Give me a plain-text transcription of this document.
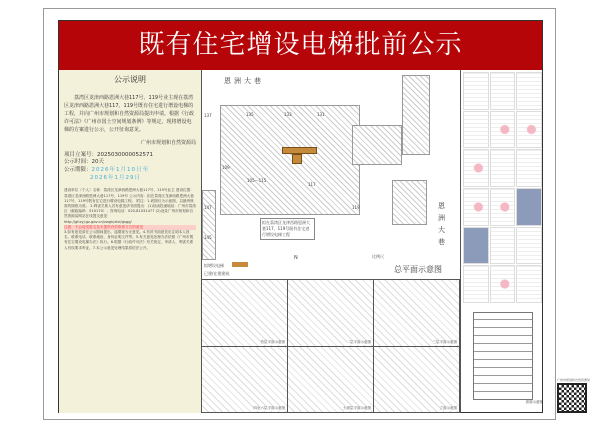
既有住宅增设电梯批前公示
公示说明

荔湾区龙津西路恩洲大巷117号、119号业主现在荔湾区龙津西路恩洲大巷117、119号既有住宅进行增设电梯的工程，并向广州市规划和自然资源局提出申请。根据《行政许可法》《广州市国土空间规划条例》等规定，现将增设电梯的方案进行公示，公开征询意见。

广州市规划和自然资源局

项目立案号：2025030000052571
公示时间：20天
公示期限：2026年1月10日至
2026年1月29日

建设单位（个人）名称：荔湾区龙津西路恩洲大巷117号、119号业主 建设位置：荔湾区龙津西路恩洲大巷117号、119号 公示内容：拟在荔湾区龙津西路恩洲大巷117号、119号既有住宅进行增设电梯工程。 附注：1.底图仅为示意图，以最终核准的图纸为准。 2.利害关系人若有意见请书面提出：(1)信函投递地址：广州市荔湾区（邮政编码：510170）；咨询电话：020-81031477 (2)登录广州市规划和自然资源局网站在线提交意见：

http://ghzyj.gz.gov.cn/zwgk/ztzl/gsgg/

注意：不会接受匿名及未提供有效联系方式的意见

3.如有意见请在公示期间提出，逾期视为无意见。4.有效书面意见应注明本人姓名、联系电话、联系地址、身份证明文件等。5.有关意见处理办法依照《广州市既有住宅增设电梯办法》执行。6.根据《行政许可法》有关规定，申请人、利害关系人有权要求听证。7.本公示意见处理结果将依法公开。

恩洲大巷
135	133	131
137
105～115
117
119
147
145
109
拟在荔湾区龙津西路恩洲大巷117、119号既有住宅进行增设电梯工程
恩洲大巷
拟增设电梯
已建/在建建筑
N	比例尺
总平面示意图
首层平面示意图	二层平面示意图	三层平面示意图
四至六层平面示意图	天面层平面示意图	立面示意图
剖面示意图
广州市规划和自然资源局
